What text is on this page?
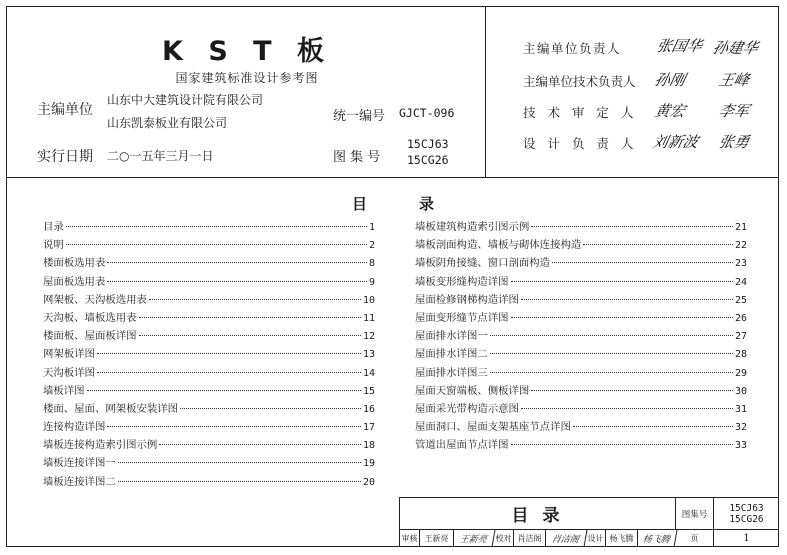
K S T 板
国家建筑标准设计参考图
主编单位
山东中大建筑设计院有限公司
山东凯泰板业有限公司	统一编号 GJCT-096
实行日期 二○一五年三月一日	图 集 号
15CJ63
15CG26
主编单位负责人 张国华 孙建华
主编单位技术负责人 孙刚 王峰
技 术 审 定 人 黄宏 李军
设 计 负 责 人 刘新波 张勇
目	录
目录	1
说明	2
楼面板选用表	8
屋面板选用表	9
网架板、天沟板选用表	10
天沟板、墙板选用表	11
楼面板、屋面板详图	12
网架板详图	13
天沟板详图	14
墙板详图	15
楼面、屋面、网架板安装详图	16
连接构造详图	17
墙板连接构造索引图示例	18
墙板连接详图一	19
墙板连接详图二	20
墙板建筑构造索引图示例	21
墙板剖面构造、墙板与砌体连接构造	22
墙板阴角接缝、窗口剖面构造	23
墙板变形缝构造详图	24
屋面检修钢梯构造详图	25
屋面变形缝节点详图	26
屋面排水详图一	27
屋面排水详图二	28
屋面排水详图三	29
屋面天窗端板、侧板详图	30
屋面采光带构造示意图	31
屋面洞口、屋面支架基座节点详图	32
管道出屋面节点详图	33
目 录	图集号
15CJ63
15CG26
审核 王新亮	王新亮 校对 肖洁阁	肖洁阁 设计 杨飞腾 杨飞腾	页	1
